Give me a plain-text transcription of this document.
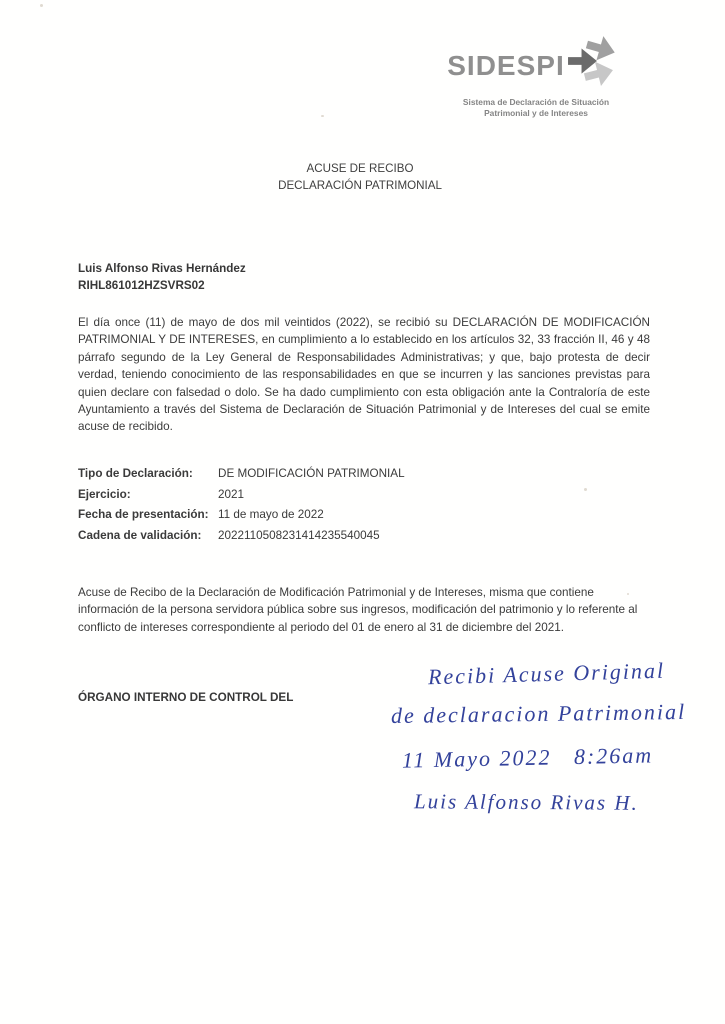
SIDESPI
Sistema de Declaración de Situación
Patrimonial y de Intereses
ACUSE DE RECIBO
DECLARACIÓN PATRIMONIAL
Luis Alfonso Rivas Hernández
RIHL861012HZSVRS02
El día once (11) de mayo de dos mil veintidos (2022), se recibió su DECLARACIÓN DE MODIFICACIÓN PATRIMONIAL Y DE INTERESES, en cumplimiento a lo establecido en los artículos 32, 33 fracción II, 46 y 48 párrafo segundo de la Ley General de Responsabilidades Administrativas; y que, bajo protesta de decir verdad, teniendo conocimiento de las responsabilidades en que se incurren y las sanciones previstas para quien declare con falsedad o dolo. Se ha dado cumplimiento con esta obligación ante la Contraloría de este Ayuntamiento a través del Sistema de Declaración de Situación Patrimonial y de Intereses del cual se emite acuse de recibido.
Tipo de Declaración:	DE MODIFICACIÓN PATRIMONIAL
Ejercicio:	2021
Fecha de presentación: 11 de mayo de 2022
Cadena de validación:	2022110508231414235540045
Acuse de Recibo de la Declaración de Modificación Patrimonial y de Intereses, misma que contiene información de la persona servidora pública sobre sus ingresos, modificación del patrimonio y lo referente al conflicto de intereses correspondiente al periodo del 01 de enero al 31 de diciembre del 2021.
ÓRGANO INTERNO DE CONTROL DEL
Recibi Acuse Original
de declaracion Patrimonial
11 Mayo 2022   8:26am
Luis Alfonso Rivas H.
